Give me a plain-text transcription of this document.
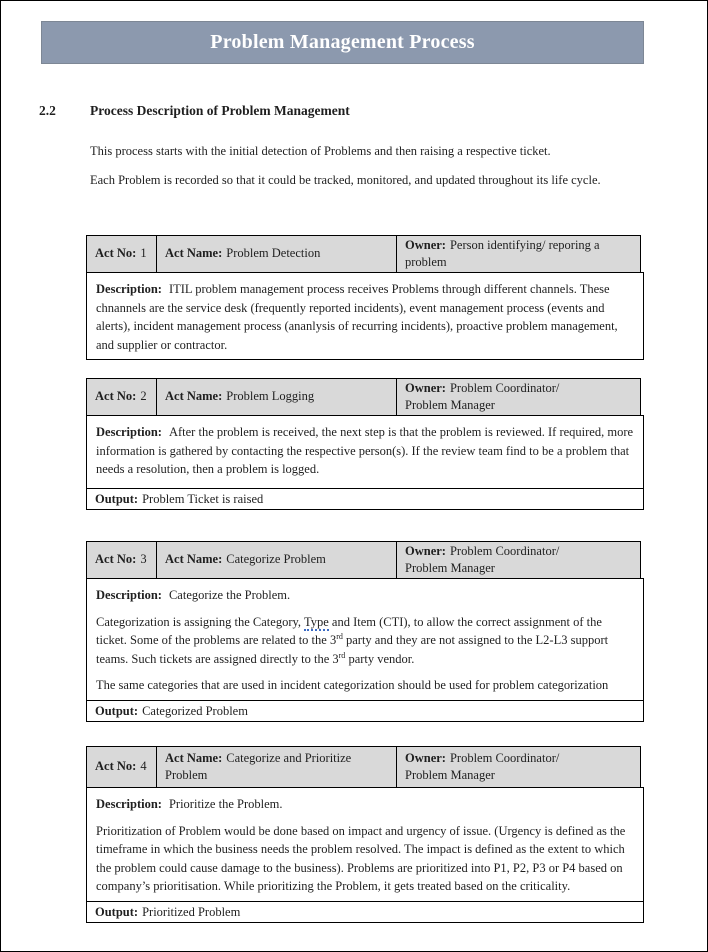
Problem Management Process
2.2	Process Description of Problem Management

This process starts with the initial detection of Problems and then raising a respective ticket.

Each Problem is recorded so that it could be tracked, monitored, and updated throughout its life cycle.

Act No: 1 Act Name: Problem Detection
Owner: Person identifying/ reporing a problem

Description: ITIL problem management process receives Problems through different channels. These chnannels are the service desk (frequently reported incidents), event management process (events and alerts), incident management process (ananlysis of recurring incidents), proactive problem management, and supplier or contractor.

Act No: 2 Act Name: Problem Logging
Owner: Problem Coordinator/ Problem Manager

Description: After the problem is received, the next step is that the problem is reviewed. If required, more information is gathered by contacting the respective person(s). If the review team find to be a problem that needs a resolution, then a problem is logged.

Output: Problem Ticket is raised
Act No: 3 Act Name: Categorize Problem
Owner: Problem Coordinator/ Problem Manager

Description: Categorize the Problem.

Categorization is assigning the Category, Type and Item (CTI), to allow the correct assignment of the ticket. Some of the problems are related to the 3rd party and they are not assigned to the L2-L3 support teams. Such tickets are assigned directly to the 3rd party vendor.

The same categories that are used in incident categorization should be used for problem categorization

Output: Categorized Problem
Act No: 4
Act Name: Categorize and Prioritize Problem
Owner: Problem Coordinator/ Problem Manager

Description: Prioritize the Problem.

Prioritization of Problem would be done based on impact and urgency of issue. (Urgency is defined as the timeframe in which the business needs the problem resolved. The impact is defined as the extent to which the problem could cause damage to the business). Problems are prioritized into P1, P2, P3 or P4 based on company’s prioritisation. While prioritizing the Problem, it gets treated based on the criticality.

Output: Prioritized Problem
